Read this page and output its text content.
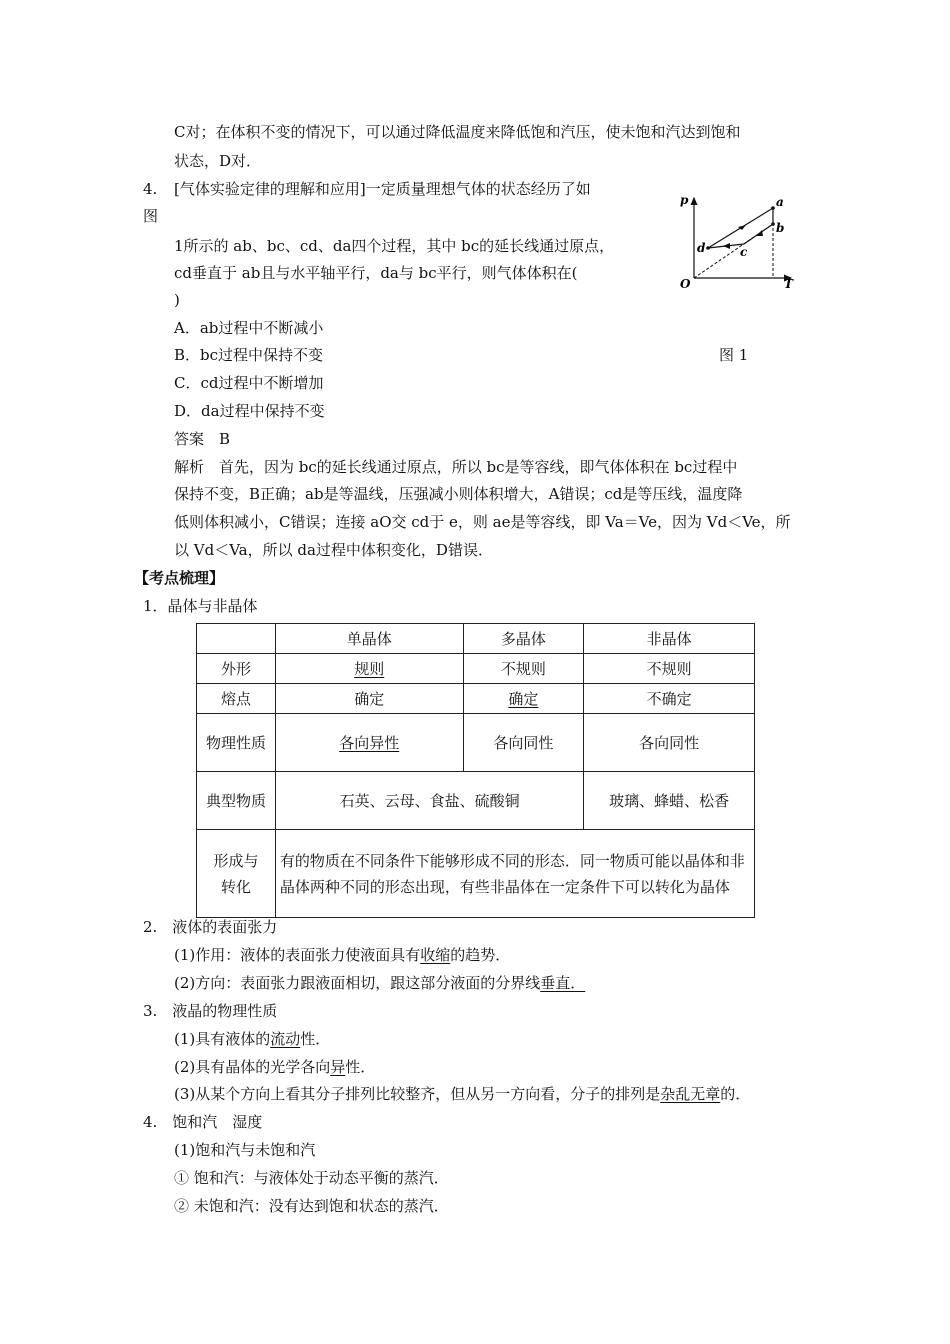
C对；在体积不变的情况下，可以通过降低温度来降低饱和汽压，使未饱和汽达到饱和
状态，D对．
4. [气体实验定律的理解和应用]一定质量理想气体的状态经历了如
图
1所示的 ab、bc、cd、da四个过程，其中 bc的延长线通过原点，
cd垂直于 ab且与水平轴平行，da与 bc平行，则气体体积在(
)
A．ab过程中不断减小
B．bc过程中保持不变
C．cd过程中不断增加
D．da过程中保持不变
图 1
答案　B
解析　首先，因为 bc的延长线通过原点，所以 bc是等容线，即气体体积在 bc过程中
保持不变，B正确；ab是等温线，压强减小则体积增大，A错误；cd是等压线，温度降
低则体积减小，C错误；连接 aO交 cd于 e，则 ae是等容线，即 Va＝Ve，因为 Vd＜Ve，所
以 Vd＜Va，所以 da过程中体积变化，D错误．
p
T
O
a
b
c
d
【考点梳理】
1．晶体与非晶体
	单晶体	多晶体	非晶体
外形	规则	不规则	不规则
熔点	确定	确定	不确定
物理性质	各向异性	各向同性	各向同性
典型物质	石英、云母、食盐、硫酸铜		玻璃、蜂蜡、松香
形成与转化	有的物质在不同条件下能够形成不同的形态．同一物质可能以晶体和非晶体两种不同的形态出现，有些非晶体在一定条件下可以转化为晶体		
2.　液体的表面张力
(1)作用：液体的表面张力使液面具有收缩的趋势．
(2)方向：表面张力跟液面相切，跟这部分液面的分界线垂直．
3.　液晶的物理性质
(1)具有液体的流动性．
(2)具有晶体的光学各向异性．
(3)从某个方向上看其分子排列比较整齐，但从另一方向看，分子的排列是杂乱无章的．
4.　饱和汽　湿度
(1)饱和汽与未饱和汽
① 饱和汽：与液体处于动态平衡的蒸汽．
② 未饱和汽：没有达到饱和状态的蒸汽．
